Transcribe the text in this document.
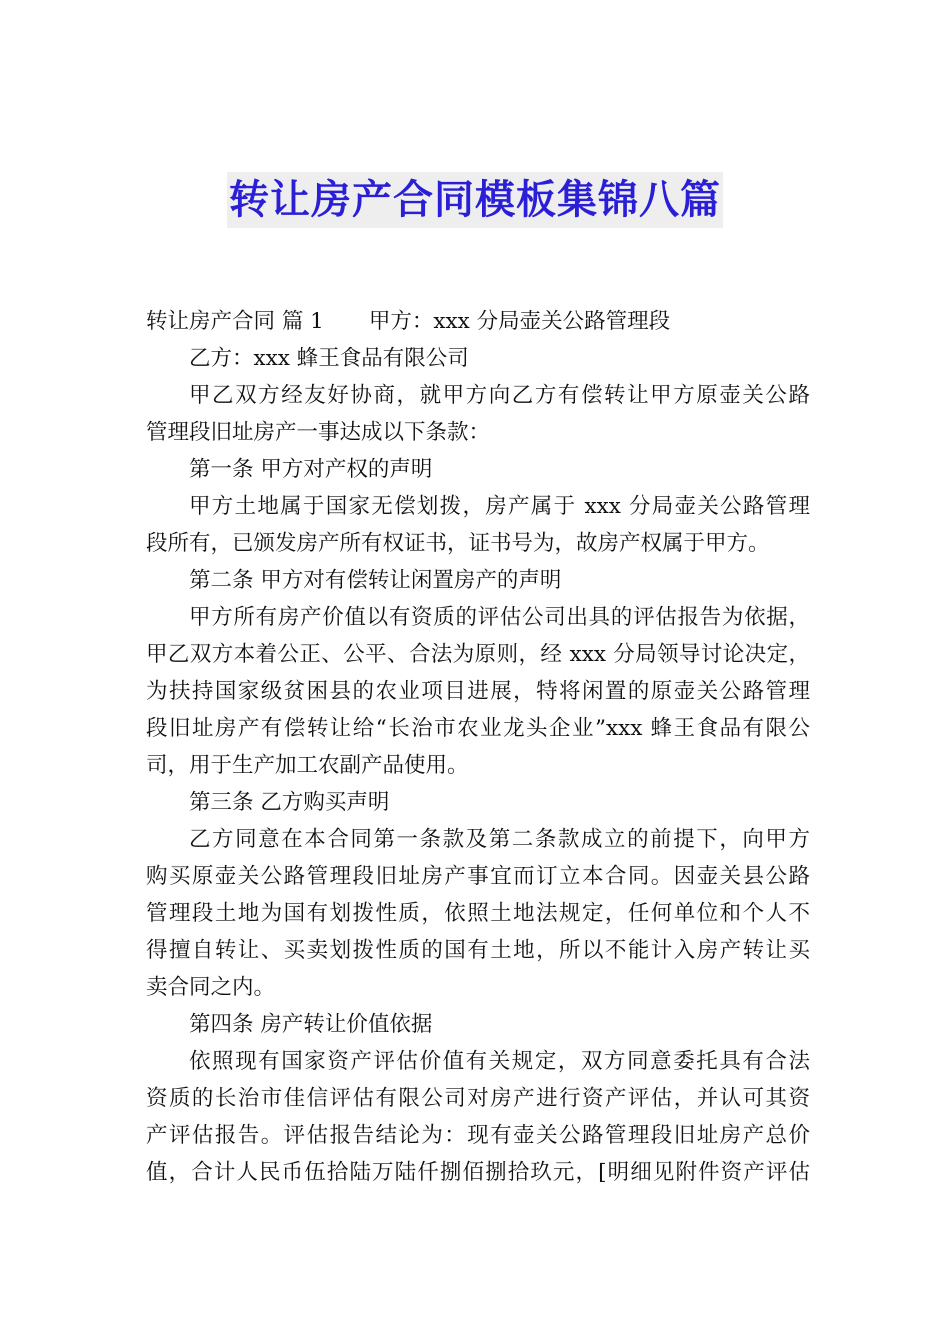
转让房产合同模板集锦八篇
转让房产合同 篇 1 甲方：xxx 分局壶关公路管理段
乙方：xxx 蜂王食品有限公司
甲乙双方经友好协商，就甲方向乙方有偿转让甲方原壶关公路
管理段旧址房产一事达成以下条款：
第一条 甲方对产权的声明
甲方土地属于国家无偿划拨，房产属于 xxx 分局壶关公路管理
段所有，已颁发房产所有权证书，证书号为，故房产权属于甲方。
第二条 甲方对有偿转让闲置房产的声明
甲方所有房产价值以有资质的评估公司出具的评估报告为依据，
甲乙双方本着公正、公平、合法为原则，经 xxx 分局领导讨论决定，
为扶持国家级贫困县的农业项目进展，特将闲置的原壶关公路管理
段旧址房产有偿转让给“长治市农业龙头企业”xxx 蜂王食品有限公
司，用于生产加工农副产品使用。
第三条 乙方购买声明
乙方同意在本合同第一条款及第二条款成立的前提下，向甲方
购买原壶关公路管理段旧址房产事宜而订立本合同。因壶关县公路
管理段土地为国有划拨性质，依照土地法规定，任何单位和个人不
得擅自转让、买卖划拨性质的国有土地，所以不能计入房产转让买
卖合同之内。
第四条 房产转让价值依据
依照现有国家资产评估价值有关规定，双方同意委托具有合法
资质的长治市佳信评估有限公司对房产进行资产评估，并认可其资
产评估报告。评估报告结论为：现有壶关公路管理段旧址房产总价
值，合计人民币伍拾陆万陆仟捌佰捌拾玖元，[明细见附件资产评估
